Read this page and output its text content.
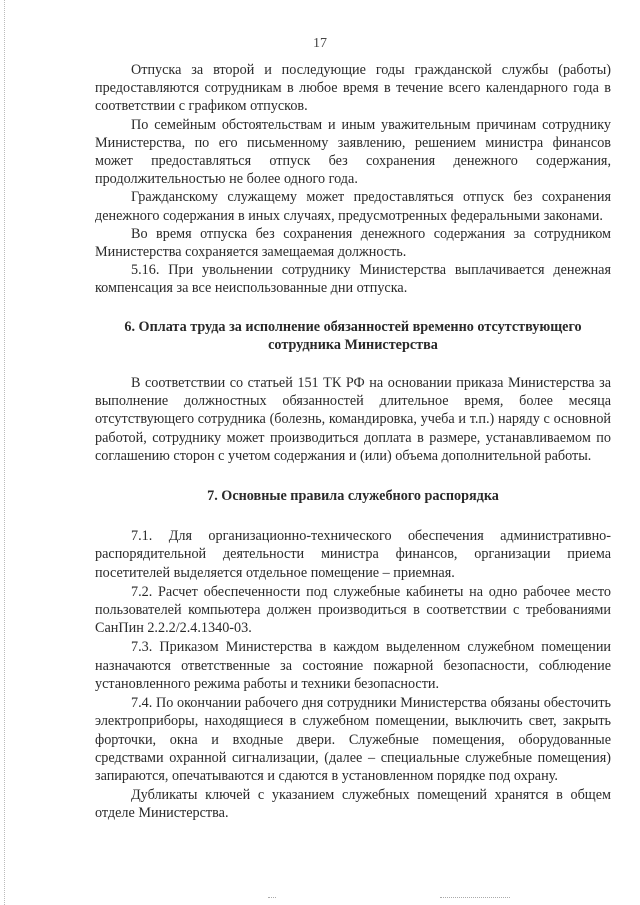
17

Отпуска за второй и последующие годы гражданской службы (работы) предоставляются сотрудникам в любое время в течение всего календарного года в соответствии с графиком отпусков.

По семейным обстоятельствам и иным уважительным причинам сотруднику Министерства, по его письменному заявлению, решением министра финансов может предоставляться отпуск без сохранения денежного содержания, продолжительностью не более одного года.

Гражданскому служащему может предоставляться отпуск без сохранения денежного содержания в иных случаях, предусмотренных федеральными законами.

Во время отпуска без сохранения денежного содержания за сотрудником Министерства сохраняется замещаемая должность.

5.16. При увольнении сотруднику Министерства выплачивается денежная компенсация за все неиспользованные дни отпуска.

6. Оплата труда за исполнение обязанностей временно отсутствующего сотрудника Министерства

В соответствии со статьей 151 ТК РФ на основании приказа Министерства за выполнение должностных обязанностей длительное время, более месяца отсутствующего сотрудника (болезнь, командировка, учеба и т.п.) наряду с основной работой, сотруднику может производиться доплата в размере, устанавливаемом по соглашению сторон с учетом содержания и (или) объема дополнительной работы.

7. Основные правила служебного распорядка

7.1. Для организационно-технического обеспечения административно-распорядительной деятельности министра финансов, организации приема посетителей выделяется отдельное помещение – приемная.

7.2. Расчет обеспеченности под служебные кабинеты на одно рабочее место пользователей компьютера должен производиться в соответствии с требованиями СанПин 2.2.2/2.4.1340-03.

7.3. Приказом Министерства в каждом выделенном служебном помещении назначаются ответственные за состояние пожарной безопасности, соблюдение установленного режима работы и техники безопасности.

7.4. По окончании рабочего дня сотрудники Министерства обязаны обесточить электроприборы, находящиеся в служебном помещении, выключить свет, закрыть форточки, окна и входные двери. Служебные помещения, оборудованные средствами охранной сигнализации, (далее – специальные служебные помещения) запираются, опечатываются и сдаются в установленном порядке под охрану.

Дубликаты ключей с указанием служебных помещений хранятся в общем отделе Министерства.
